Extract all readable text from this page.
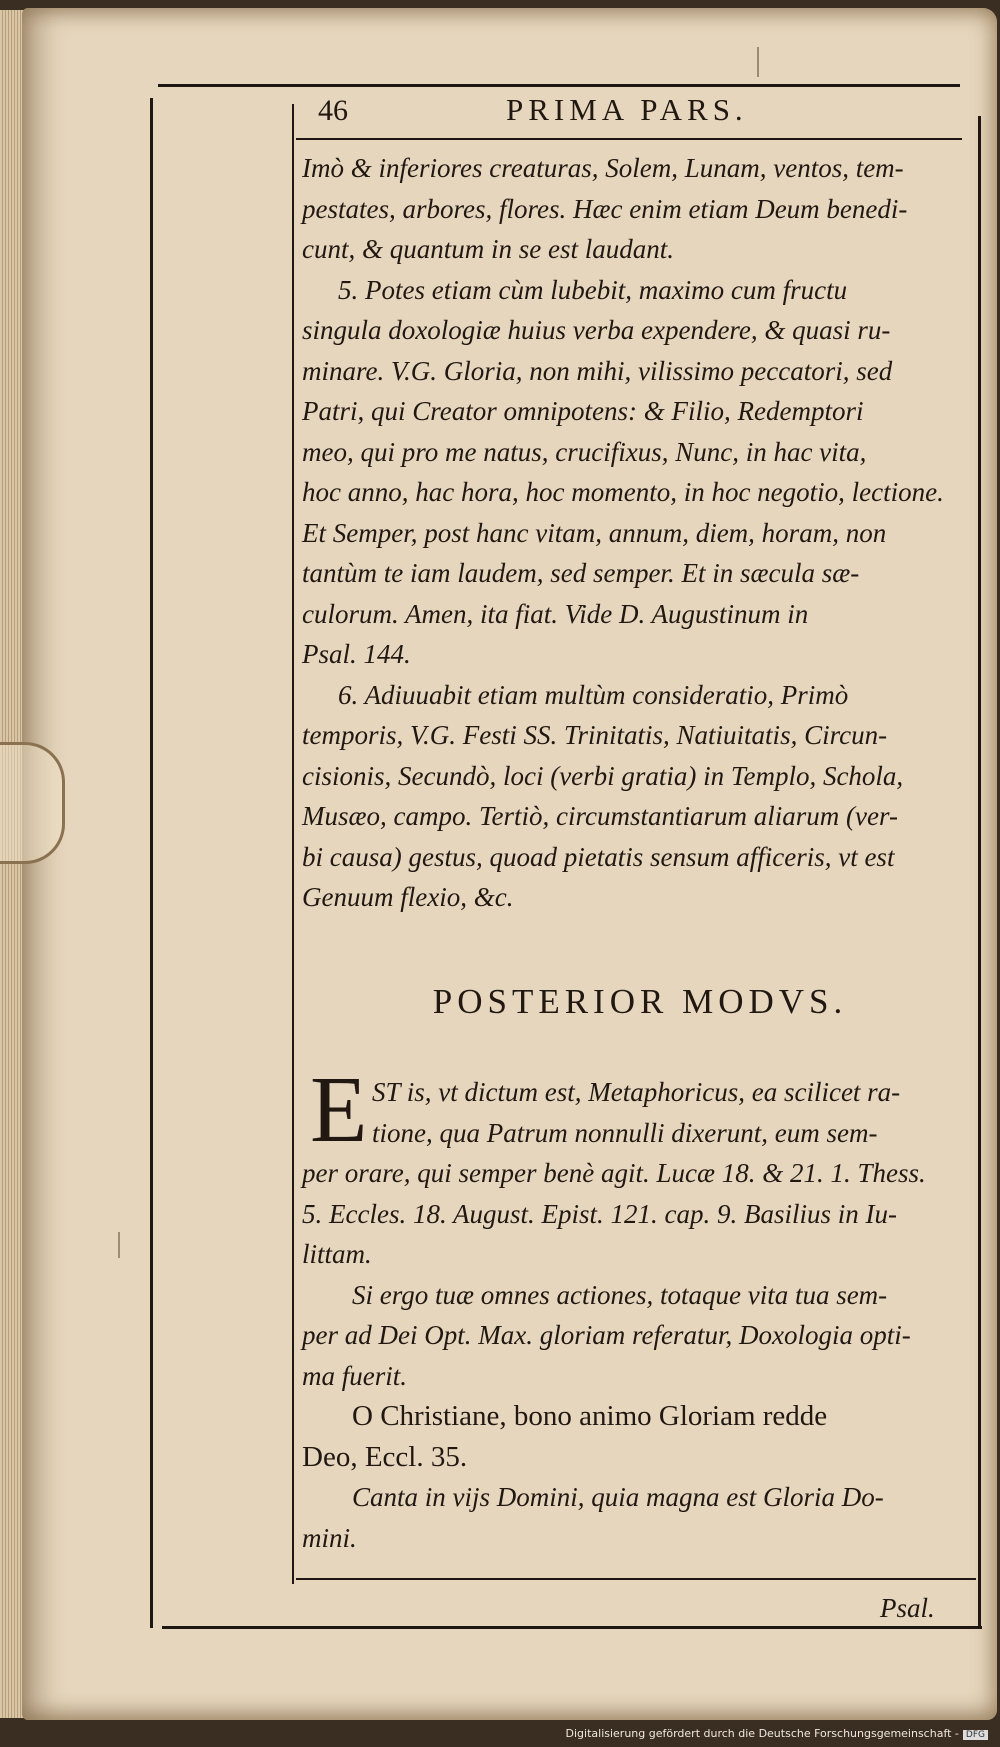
46	PRIMA PARS.

Imò & inferiores creaturas, Solem, Lunam, ventos, tem-

pestates, arbores, flores. Hæc enim etiam Deum benedi-

cunt, & quantum in se est laudant.

5. Potes etiam cùm lubebit, maximo cum fructu

singula doxologiæ huius verba expendere, & quasi ru-

minare. V.G. Gloria, non mihi, vilissimo peccatori, sed

Patri, qui Creator omnipotens: & Filio, Redemptori

meo, qui pro me natus, crucifixus, Nunc, in hac vita,

hoc anno, hac hora, hoc momento, in hoc negotio, lectione.

Et Semper, post hanc vitam, annum, diem, horam, non

tantùm te iam laudem, sed semper. Et in sæcula sæ-

culorum. Amen, ita fiat. Vide D. Augustinum in

Psal. 144.

6. Adiuuabit etiam multùm consideratio, Primò

temporis, V.G. Festi SS. Trinitatis, Natiuitatis, Circun-

cisionis, Secundò, loci (verbi gratia) in Templo, Schola,

Musæo, campo. Tertiò, circumstantiarum aliarum (ver-

bi causa) gestus, quoad pietatis sensum afficeris, vt est

Genuum flexio, &c.

POSTERIOR MODVS.
E ST is, vt dictum est, Metaphoricus, ea scilicet ra-

tione, qua Patrum nonnulli dixerunt, eum sem-

per orare, qui semper benè agit. Lucæ 18. & 21. 1. Thess.

5. Eccles. 18. August. Epist. 121. cap. 9. Basilius in Iu-

littam.

Si ergo tuæ omnes actiones, totaque vita tua sem-

per ad Dei Opt. Max. gloriam referatur, Doxologia opti-

ma fuerit.

O Christiane, bono animo Gloriam redde

Deo, Eccl. 35.

Canta in vijs Domini, quia magna est Gloria Do-

mini.

Psal.
Digitalisierung gefördert durch die Deutsche Forschungsgemeinschaft - DFG
